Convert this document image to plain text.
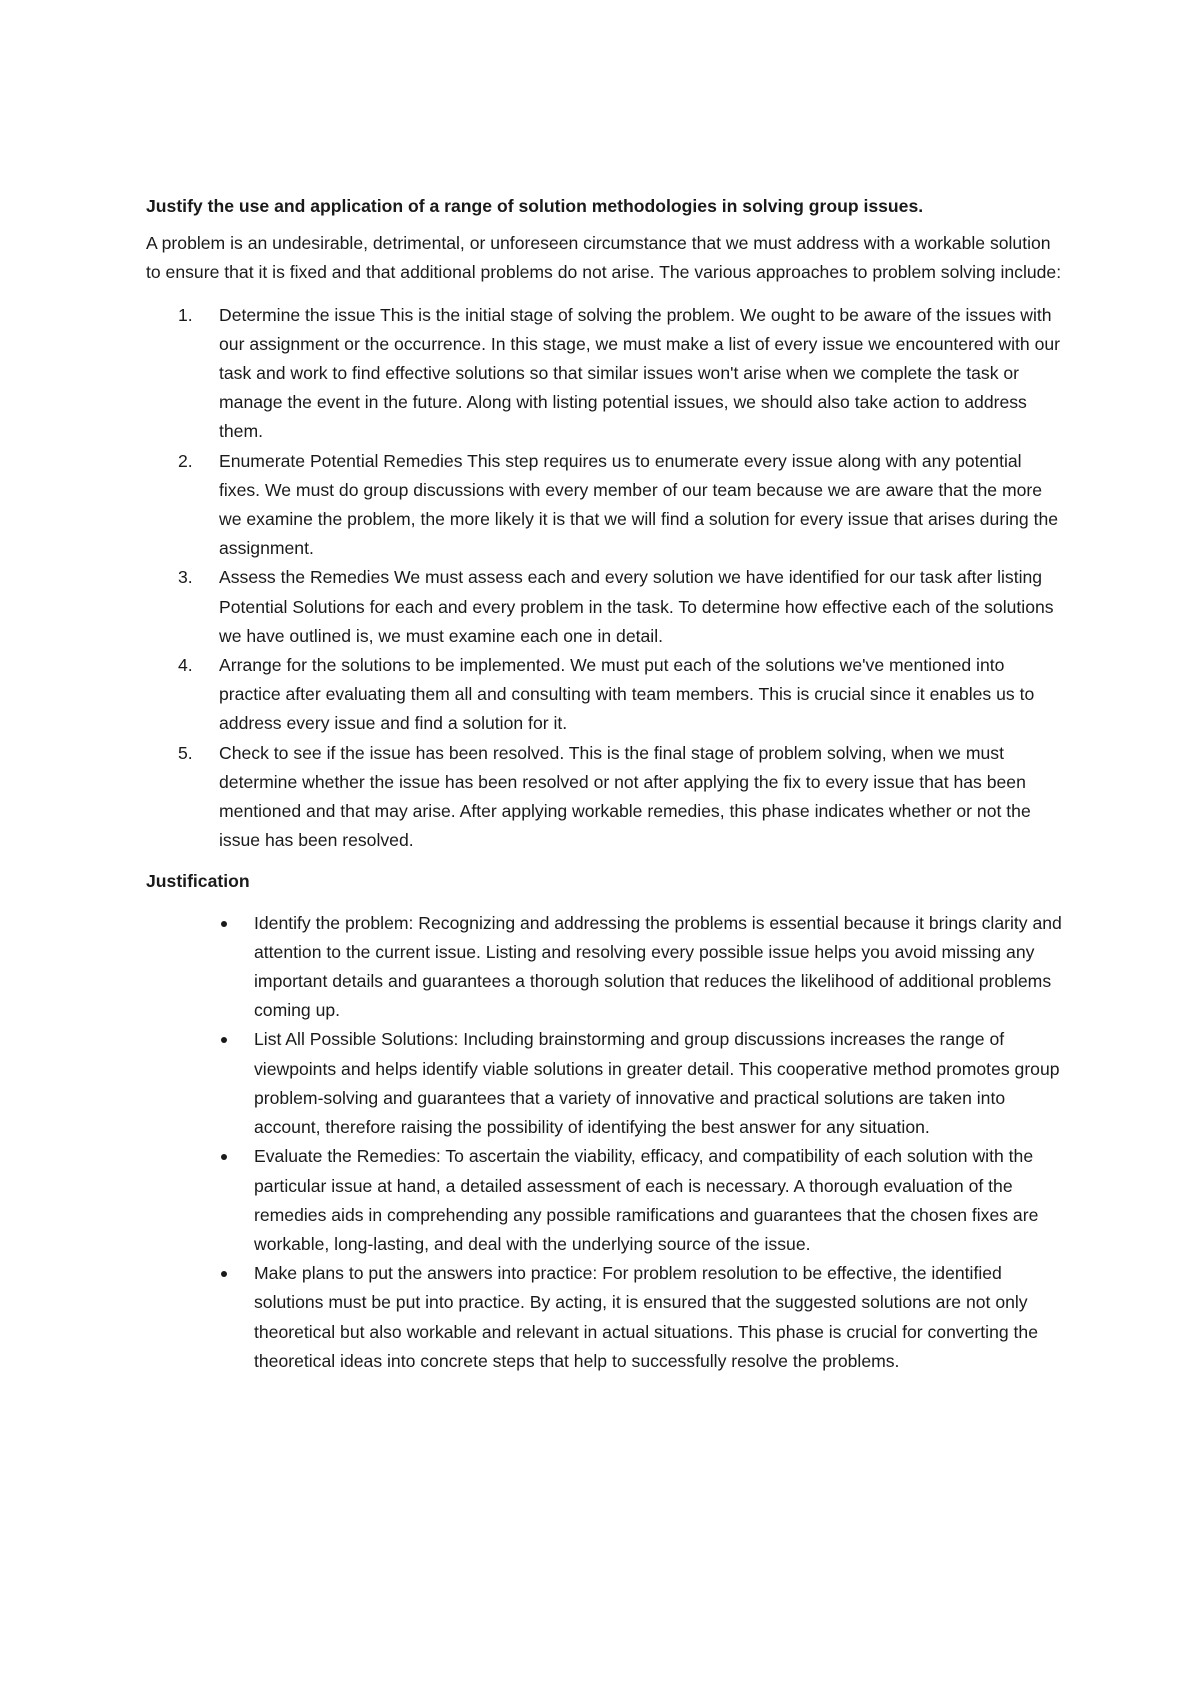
Justify the use and application of a range of solution methodologies in solving group issues.

A problem is an undesirable, detrimental, or unforeseen circumstance that we must address with a workable solution to ensure that it is fixed and that additional problems do not arise. The various approaches to problem solving include:

1. Determine the issue This is the initial stage of solving the problem. We ought to be aware of the issues with our assignment or the occurrence. In this stage, we must make a list of every issue we encountered with our task and work to find effective solutions so that similar issues won't arise when we complete the task or manage the event in the future. Along with listing potential issues, we should also take action to address them.
2. Enumerate Potential Remedies This step requires us to enumerate every issue along with any potential fixes. We must do group discussions with every member of our team because we are aware that the more we examine the problem, the more likely it is that we will find a solution for every issue that arises during the assignment.
3. Assess the Remedies We must assess each and every solution we have identified for our task after listing Potential Solutions for each and every problem in the task. To determine how effective each of the solutions we have outlined is, we must examine each one in detail.
4. Arrange for the solutions to be implemented. We must put each of the solutions we've mentioned into practice after evaluating them all and consulting with team members. This is crucial since it enables us to address every issue and find a solution for it.
5. Check to see if the issue has been resolved. This is the final stage of problem solving, when we must determine whether the issue has been resolved or not after applying the fix to every issue that has been mentioned and that may arise. After applying workable remedies, this phase indicates whether or not the issue has been resolved.
Justification
Identify the problem: Recognizing and addressing the problems is essential because it brings clarity and attention to the current issue. Listing and resolving every possible issue helps you avoid missing any important details and guarantees a thorough solution that reduces the likelihood of additional problems coming up.
List All Possible Solutions: Including brainstorming and group discussions increases the range of viewpoints and helps identify viable solutions in greater detail. This cooperative method promotes group problem-solving and guarantees that a variety of innovative and practical solutions are taken into account, therefore raising the possibility of identifying the best answer for any situation.
Evaluate the Remedies: To ascertain the viability, efficacy, and compatibility of each solution with the particular issue at hand, a detailed assessment of each is necessary. A thorough evaluation of the remedies aids in comprehending any possible ramifications and guarantees that the chosen fixes are workable, long-lasting, and deal with the underlying source of the issue.
Make plans to put the answers into practice: For problem resolution to be effective, the identified solutions must be put into practice. By acting, it is ensured that the suggested solutions are not only theoretical but also workable and relevant in actual situations. This phase is crucial for converting the theoretical ideas into concrete steps that help to successfully resolve the problems.
